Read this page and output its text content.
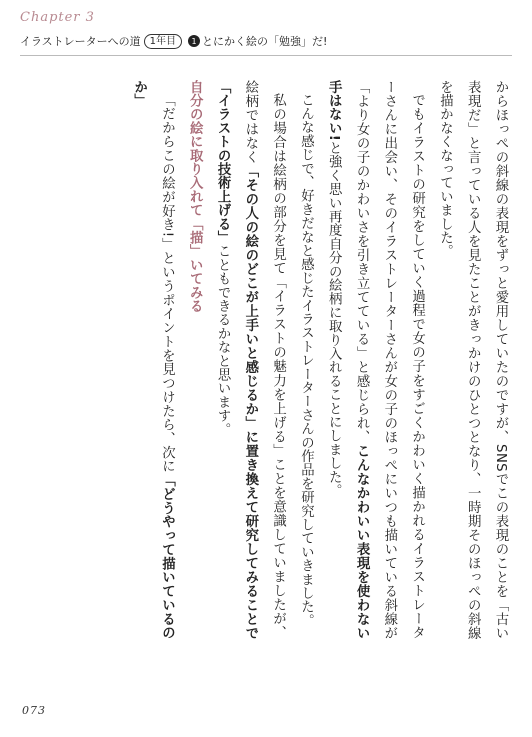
Chapter 3
イラストレーターへの道 1年目	1 とにかく絵の「勉強」だ!

からほっぺの斜線の表現をずっと愛用していたのですが、SNSでこの表現のことを「古い表現だ」と言っている人を見たことがきっかけのひとつとなり、一時期そのほっぺの斜線を描かなくなっていました。

でもイラストの研究をしていく過程で女の子をすごくかわいく描かれるイラストレーターさんに出会い、そのイラストレーターさんが女の子のほっぺにいつも描いている斜線が「より女の子のかわいさを引き立てている」と感じられ、こんなかわいい表現を使わない手はない!と強く思い再度自分の絵柄に取り入れることにしました。

こんな感じで、好きだなと感じたイラストレーターさんの作品を研究していきました。

私の場合は絵柄の部分を見て「イラストの魅力を上げる」ことを意識していましたが、絵柄ではなく「その人の絵のどこが上手いと感じるか」に置き換えて研究してみることで「イラストの技術上げる」こともできるかなと思います。

自分の絵に取り入れて「描」いてみる

「だからこの絵が好き!」というポイントを見つけたら、次に「どうやって描いているのか」

073
